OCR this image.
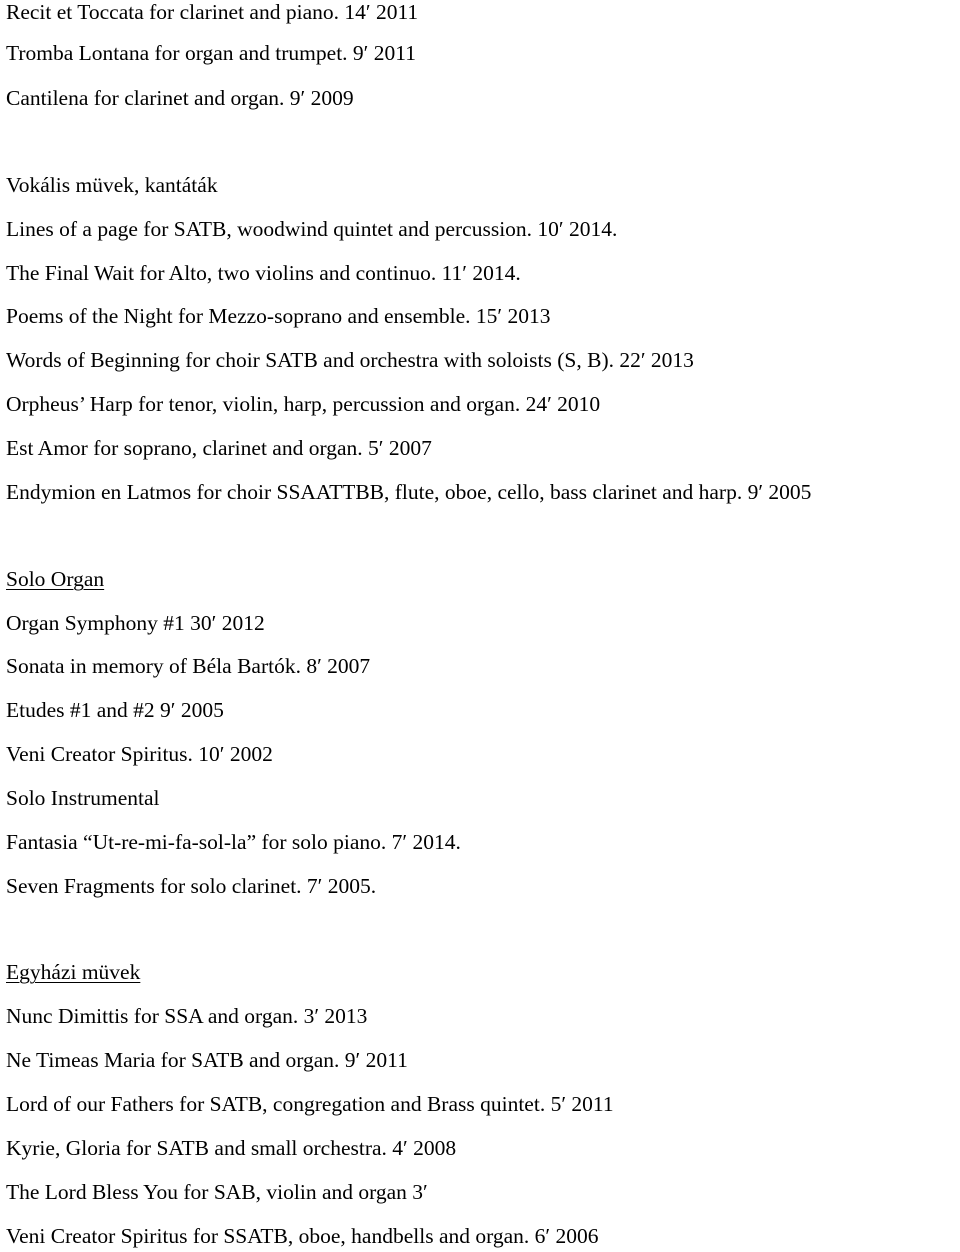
Recit et Toccata for clarinet and piano. 14′ 2011
Tromba Lontana for organ and trumpet. 9′ 2011
Cantilena for clarinet and organ. 9′ 2009
Vokális müvek, kantáták
Lines of a page for SATB, woodwind quintet and percussion. 10′ 2014.
The Final Wait for Alto, two violins and continuo. 11′ 2014.
Poems of the Night for Mezzo-soprano and ensemble. 15′ 2013
Words of Beginning for choir SATB and orchestra with soloists (S, B). 22′ 2013
Orpheus’ Harp for tenor, violin, harp, percussion and organ. 24′ 2010
Est Amor for soprano, clarinet and organ. 5′ 2007
Endymion en Latmos for choir SSAATTBB, flute, oboe, cello, bass clarinet and harp. 9′ 2005
Solo Organ
Organ Symphony #1 30′ 2012
Sonata in memory of Béla Bartók. 8′ 2007
Etudes #1 and #2 9′ 2005
Veni Creator Spiritus. 10′ 2002
Solo Instrumental
Fantasia “Ut-re-mi-fa-sol-la” for solo piano. 7′ 2014.
Seven Fragments for solo clarinet. 7′ 2005.
Egyházi müvek
Nunc Dimittis for SSA and organ. 3′ 2013
Ne Timeas Maria for SATB and organ. 9′ 2011
Lord of our Fathers for SATB, congregation and Brass quintet. 5′ 2011
Kyrie, Gloria for SATB and small orchestra. 4′ 2008
The Lord Bless You for SAB, violin and organ 3′
Veni Creator Spiritus for SSATB, oboe, handbells and organ. 6′ 2006
